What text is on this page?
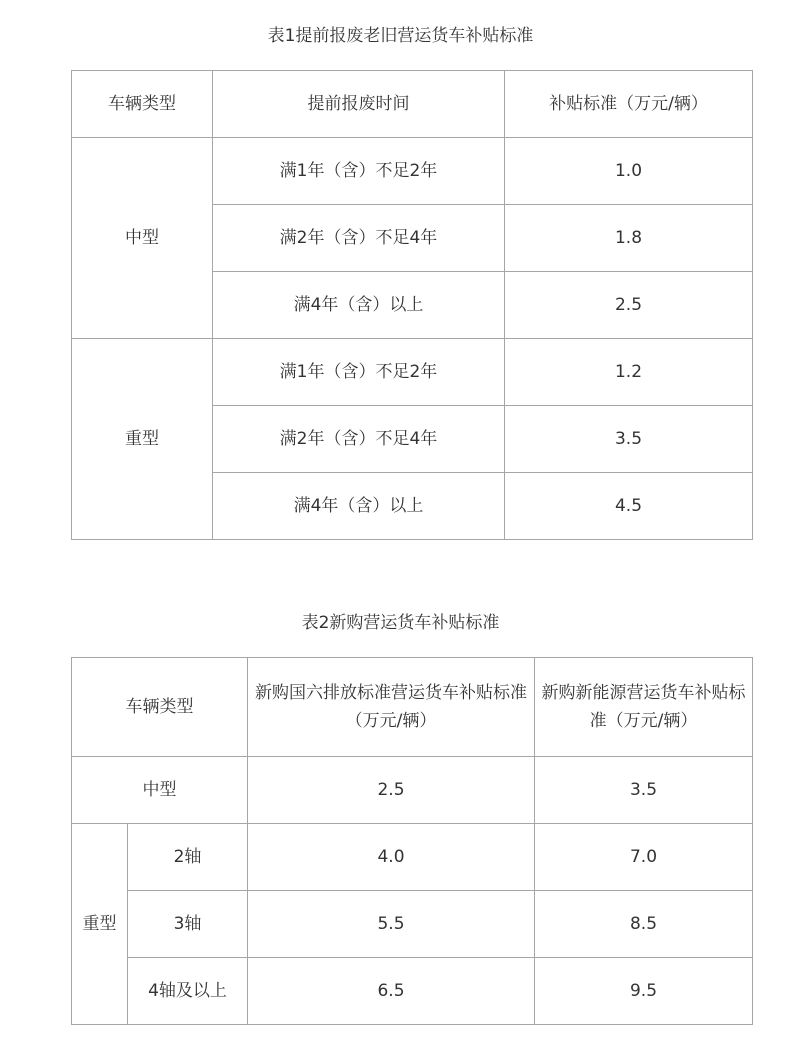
表1提前报废老旧营运货车补贴标准
车辆类型	提前报废时间	补贴标准（万元/辆）
中型	满1年（含）不足2年	1.0
	满2年（含）不足4年	1.8
	满4年（含）以上	2.5
重型	满1年（含）不足2年	1.2
	满2年（含）不足4年	3.5
	满4年（含）以上	4.5
表2新购营运货车补贴标准
车辆类型		新购国六排放标准营运货车补贴标准（万元/辆）	新购新能源营运货车补贴标准（万元/辆）
中型		2.5	3.5
重型	2轴	4.0	7.0
	3轴	5.5	8.5
	4轴及以上	6.5	9.5
